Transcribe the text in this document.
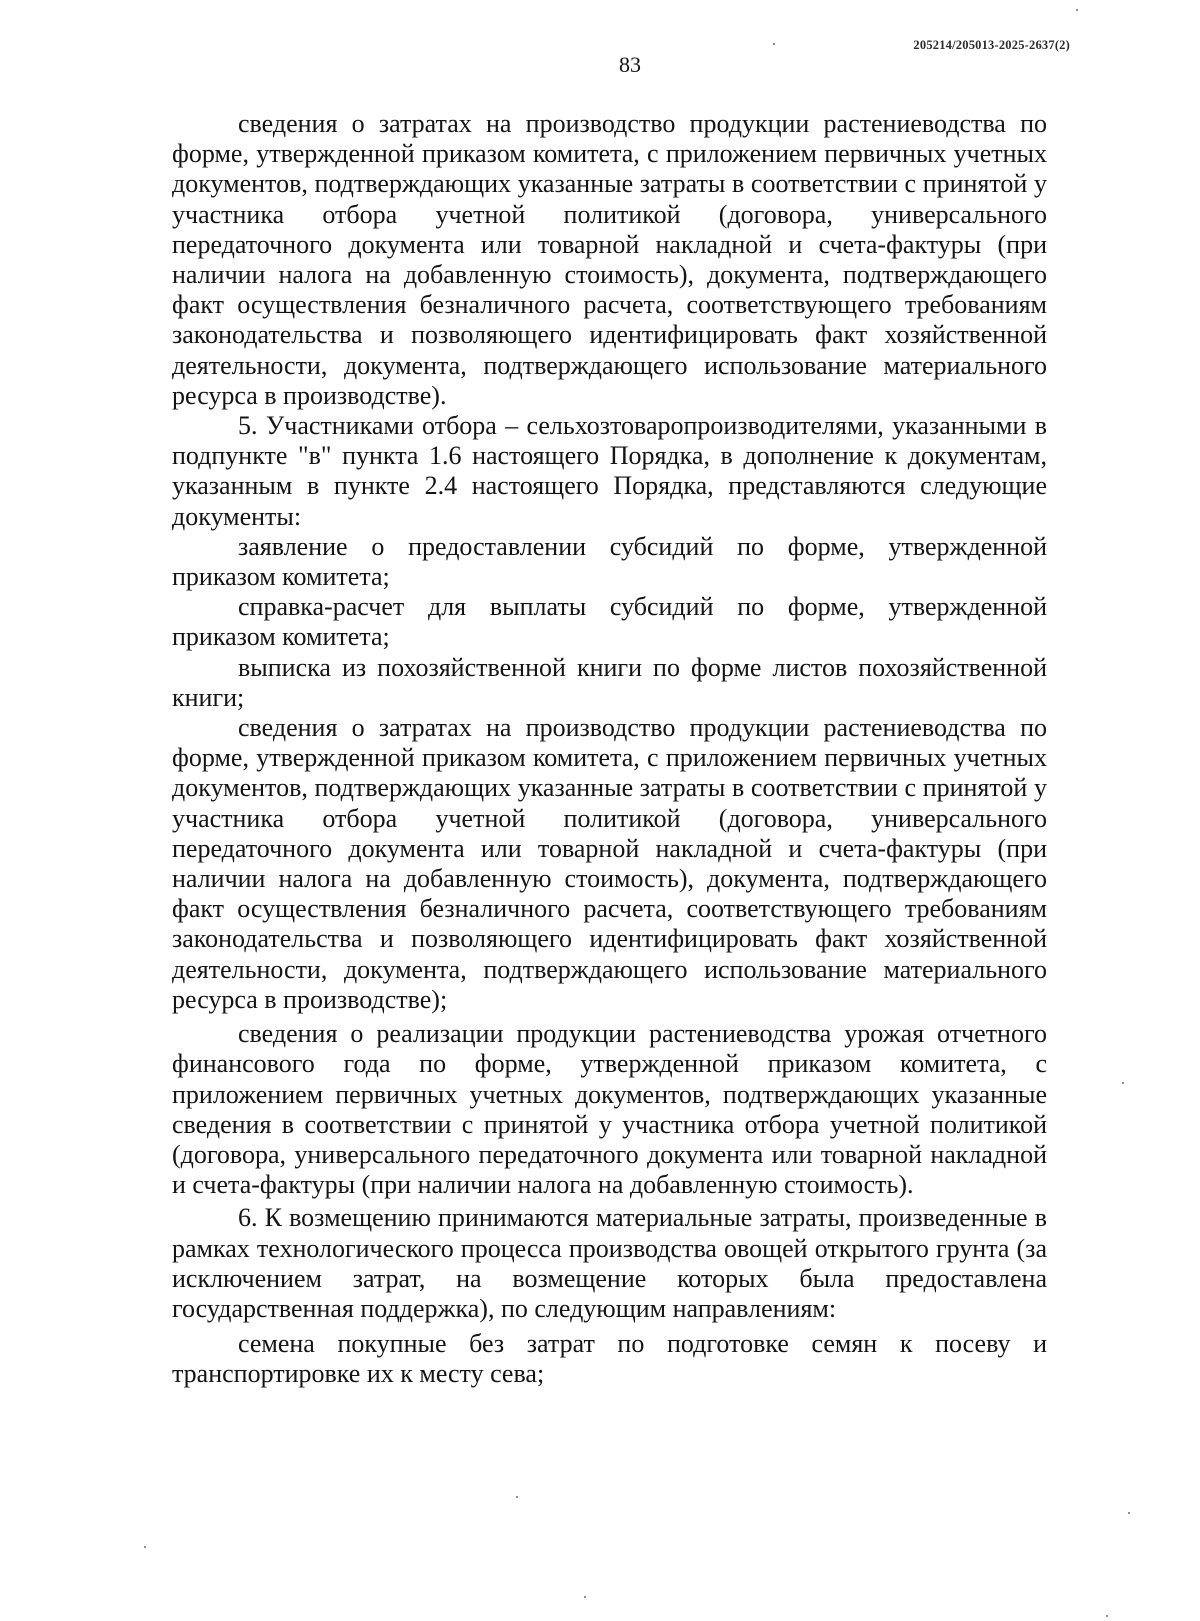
205214/205013-2025-2637(2)
83

сведения о затратах на производство продукции растениеводства по форме, утвержденной приказом комитета, с приложением первичных учетных документов, подтверждающих указанные затраты в соответствии с принятой у участника отбора учетной политикой (договора, универсального передаточного документа или товарной накладной и счета-фактуры (при наличии налога на добавленную стоимость), документа, подтверждающего факт осуществления безналичного расчета, соответствующего требованиям законодательства и позволяющего идентифицировать факт хозяйственной деятельности, документа, подтверждающего использование материального ресурса в производстве).

5. Участниками отбора – сельхозтоваропроизводителями, указанными в подпункте "в" пункта 1.6 настоящего Порядка, в дополнение к документам, указанным в пункте 2.4 настоящего Порядка, представляются следующие документы:

заявление о предоставлении субсидий по форме, утвержденной приказом комитета;

справка-расчет для выплаты субсидий по форме, утвержденной приказом комитета;

выписка из похозяйственной книги по форме листов похозяйственной книги;

сведения о затратах на производство продукции растениеводства по форме, утвержденной приказом комитета, с приложением первичных учетных документов, подтверждающих указанные затраты в соответствии с принятой у участника отбора учетной политикой (договора, универсального передаточного документа или товарной накладной и счета-фактуры (при наличии налога на добавленную стоимость), документа, подтверждающего факт осуществления безналичного расчета, соответствующего требованиям законодательства и позволяющего идентифицировать факт хозяйственной деятельности, документа, подтверждающего использование материального ресурса в производстве);

сведения о реализации продукции растениеводства урожая отчетного финансового года по форме, утвержденной приказом комитета, с приложением первичных учетных документов, подтверждающих указанные сведения в соответствии с принятой у участника отбора учетной политикой (договора, универсального передаточного документа или товарной накладной и счета-фактуры (при наличии налога на добавленную стоимость).

6. К возмещению принимаются материальные затраты, произведенные в рамках технологического процесса производства овощей открытого грунта (за исключением затрат, на возмещение которых была предоставлена государственная поддержка), по следующим направлениям:

семена покупные без затрат по подготовке семян к посеву и транспортировке их к месту сева;
